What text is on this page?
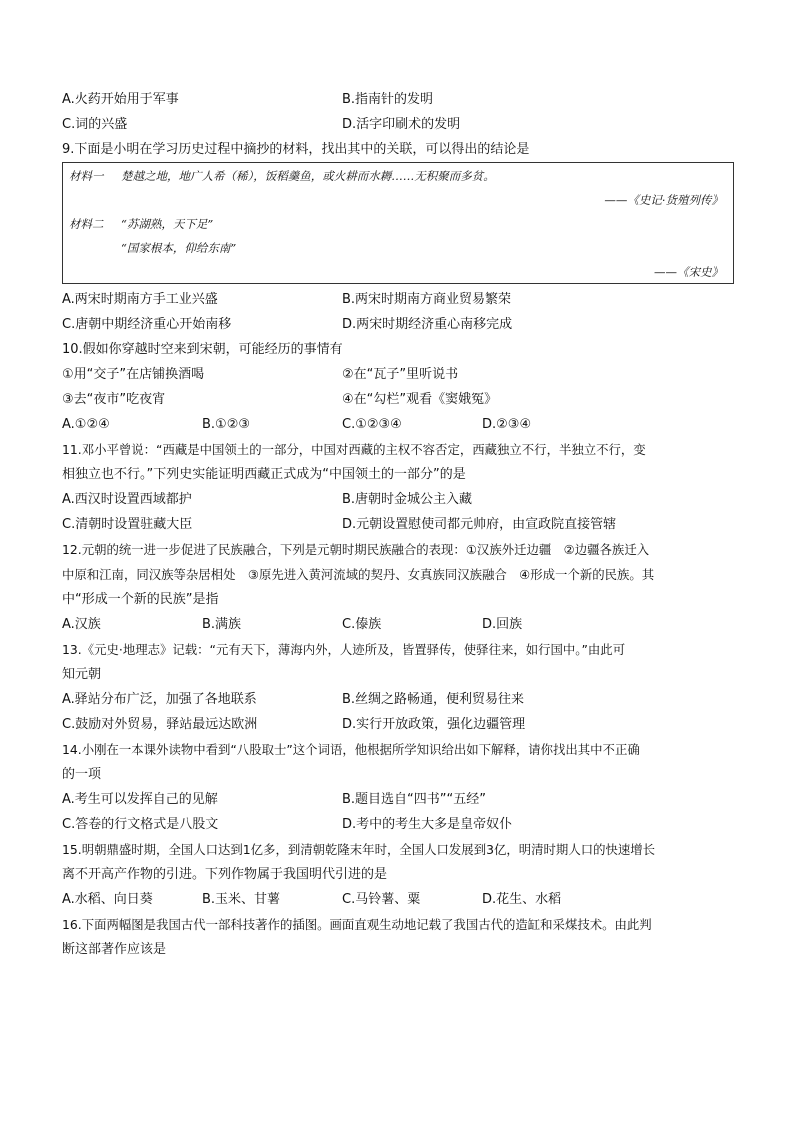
A.火药开始用于军事	B.指南针的发明
C.词的兴盛	D.活字印刷术的发明
9.下面是小明在学习历史过程中摘抄的材料，找出其中的关联，可以得出的结论是
材料一 楚越之地，地广人希（稀），饭稻羹鱼，或火耕而水耨……无积聚而多贫。
——《史记·货殖列传》
材料二 “苏湖熟，天下足”
“国家根本，仰给东南”
——《宋史》
A.两宋时期南方手工业兴盛	B.两宋时期南方商业贸易繁荣
C.唐朝中期经济重心开始南移	D.两宋时期经济重心南移完成
10.假如你穿越时空来到宋朝，可能经历的事情有
①用“交子”在店铺换酒喝	②在“瓦子”里听说书
③去“夜市”吃夜宵	④在“勾栏”观看《窦娥冤》
A.①②④	B.①②③	C.①②③④	D.②③④
11.邓小平曾说：“西藏是中国领土的一部分，中国对西藏的主权不容否定，西藏独立不行，半独立不行，变
相独立也不行。”下列史实能证明西藏正式成为“中国领土的一部分”的是
A.西汉时设置西域都护	B.唐朝时金城公主入藏
C.清朝时设置驻藏大臣	D.元朝设置慰使司都元帅府，由宣政院直接管辖
12.元朝的统一进一步促进了民族融合，下列是元朝时期民族融合的表现：①汉族外迁边疆　②边疆各族迁入
中原和江南，同汉族等杂居相处　③原先进入黄河流域的契丹、女真族同汉族融合　④形成一个新的民族。其
中“形成一个新的民族”是指
A.汉族	B.满族	C.傣族	D.回族
13.《元史·地理志》记载：“元有天下，薄海内外，人迹所及，皆置驿传，使驿往来，如行国中。”由此可
知元朝
A.驿站分布广泛，加强了各地联系	B.丝绸之路畅通，便利贸易往来
C.鼓励对外贸易，驿站最远达欧洲	D.实行开放政策，强化边疆管理
14.小刚在一本课外读物中看到“八股取士”这个词语，他根据所学知识给出如下解释，请你找出其中不正确
的一项
A.考生可以发挥自己的见解	B.题目选自“四书”“五经”
C.答卷的行文格式是八股文	D.考中的考生大多是皇帝奴仆
15.明朝鼎盛时期，全国人口达到1亿多，到清朝乾隆末年时，全国人口发展到3亿，明清时期人口的快速增长
离不开高产作物的引进。下列作物属于我国明代引进的是
A.水稻、向日葵	B.玉米、甘薯	C.马铃薯、粟	D.花生、水稻
16.下面两幅图是我国古代一部科技著作的插图。画面直观生动地记载了我国古代的造缸和采煤技术。由此判
断这部著作应该是
